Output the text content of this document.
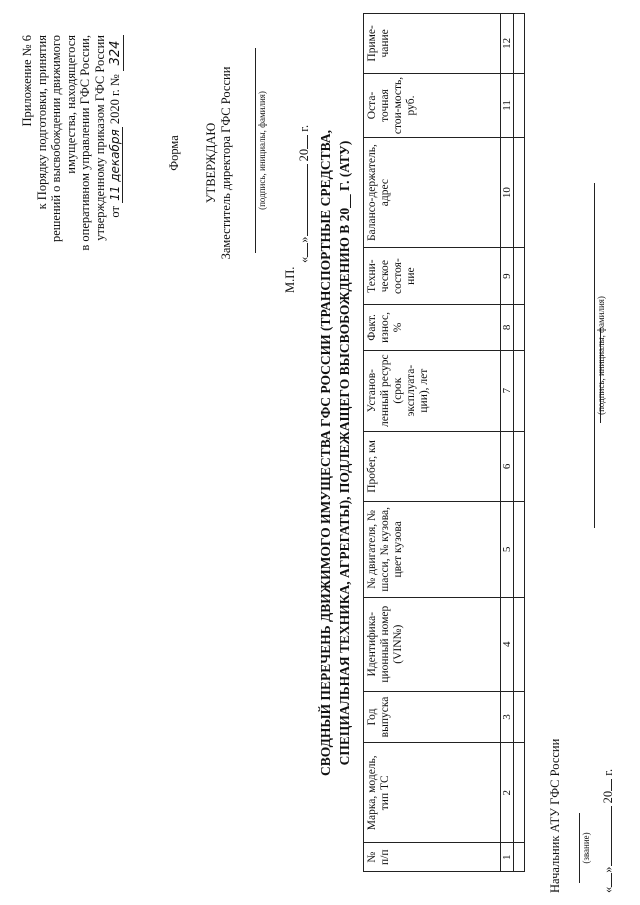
Приложение № 6 к Порядку подготовки, принятия решений о высвобождении движимого имущества, находящегося в оперативном управлении ГФС России, утвержденному приказом ГФС России от 11 декабря 2020 г. № 324
Форма УТВЕРЖДАЮ Заместитель директора ГФС России	(подпись, инициалы, фамилия)
М.П.
«» 20 г.
СВОДНЫЙ ПЕРЕЧЕНЬ ДВИЖИМОГО ИМУЩЕСТВА ГФС РОССИИ (ТРАНСПОРТНЫЕ СРЕДСТВА, СПЕЦИАЛЬНАЯ ТЕХНИКА, АГРЕГАТЫ), ПОДЛЕЖАЩЕГО ВЫСВОБОЖДЕНИЮ В 20__ Г. (АТУ)
№ п/п	Марка, модель, тип ТС	Год выпуска	Идентифика-ционный номер (VIN№)	№ двигателя, № шасси, № кузова, цвет кузова	Пробег, км	Установ-ленный ресурс (срок эксплуата-ции), лет	Факт. износ, %	Техни-ческое состоя-ние	Балансо-держатель, адрес	Оста-точная стои-мость, руб.	Приме-чание
1	2	3	4	5	6	7	8	9	10	11	12

Начальник АТУ ГФС России
(подпись, инициалы, фамилия)
(звание)
«» 20 г.
